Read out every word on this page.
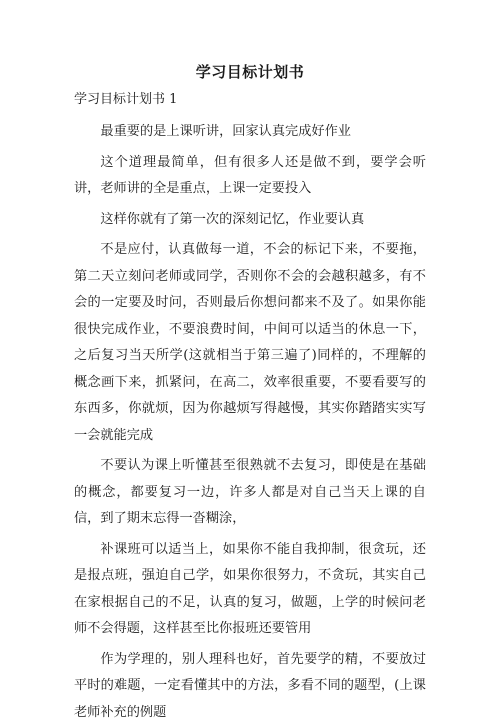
学习目标计划书
学习目标计划书 1

最重要的是上课听讲，回家认真完成好作业

这个道理最简单，但有很多人还是做不到，要学会听讲，老师讲的全是重点，上课一定要投入

这样你就有了第一次的深刻记忆，作业要认真

不是应付，认真做每一道，不会的标记下来，不要拖，第二天立刻问老师或同学，否则你不会的会越积越多，有不会的一定要及时问，否则最后你想问都来不及了。如果你能很快完成作业，不要浪费时间，中间可以适当的休息一下，之后复习当天所学(这就相当于第三遍了)同样的，不理解的概念画下来，抓紧问，在高二，效率很重要，不要看要写的东西多，你就烦，因为你越烦写得越慢，其实你踏踏实实写一会就能完成

不要认为课上听懂甚至很熟就不去复习，即使是在基础的概念，都要复习一边，许多人都是对自己当天上课的自信，到了期末忘得一沓糊涂，

补课班可以适当上，如果你不能自我抑制，很贪玩，还是报点班，强迫自己学，如果你很努力，不贪玩，其实自己在家根据自己的不足，认真的复习，做题，上学的时候问老师不会得题，这样甚至比你报班还要管用

作为学理的，别人理科也好，首先要学的精，不要放过平时的难题，一定看懂其中的方法，多看不同的题型，(上课老师补充的例题
